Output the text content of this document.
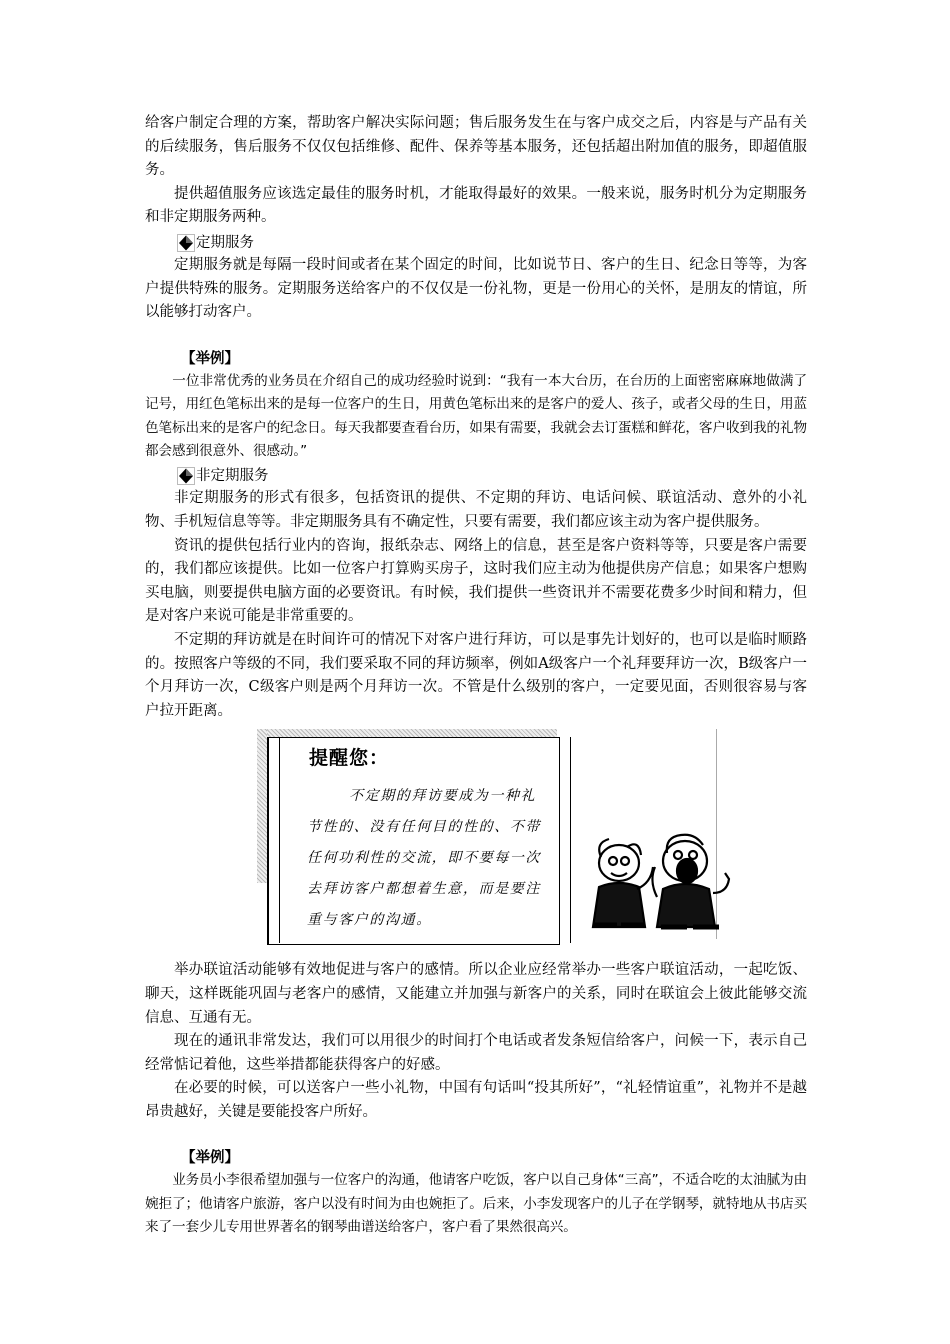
给客户制定合理的方案，帮助客户解决实际问题；售后服务发生在与客户成交之后，内容是与产品有关的后续服务，售后服务不仅仅包括维修、配件、保养等基本服务，还包括超出附加值的服务，即超值服务。

提供超值服务应该选定最佳的服务时机，才能取得最好的效果。一般来说，服务时机分为定期服务和非定期服务两种。

定期服务

定期服务就是每隔一段时间或者在某个固定的时间，比如说节日、客户的生日、纪念日等等，为客户提供特殊的服务。定期服务送给客户的不仅仅是一份礼物，更是一份用心的关怀，是朋友的情谊，所以能够打动客户。

【举例】

一位非常优秀的业务员在介绍自己的成功经验时说到：“我有一本大台历，在台历的上面密密麻麻地做满了记号，用红色笔标出来的是每一位客户的生日，用黄色笔标出来的是客户的爱人、孩子，或者父母的生日，用蓝色笔标出来的是客户的纪念日。每天我都要查看台历，如果有需要，我就会去订蛋糕和鲜花，客户收到我的礼物都会感到很意外、很感动。”

非定期服务

非定期服务的形式有很多，包括资讯的提供、不定期的拜访、电话问候、联谊活动、意外的小礼物、手机短信息等等。非定期服务具有不确定性，只要有需要，我们都应该主动为客户提供服务。

资讯的提供包括行业内的咨询，报纸杂志、网络上的信息，甚至是客户资料等等，只要是客户需要的，我们都应该提供。比如一位客户打算购买房子，这时我们应主动为他提供房产信息；如果客户想购买电脑，则要提供电脑方面的必要资讯。有时候，我们提供一些资讯并不需要花费多少时间和精力，但是对客户来说可能是非常重要的。

不定期的拜访就是在时间许可的情况下对客户进行拜访，可以是事先计划好的，也可以是临时顺路的。按照客户等级的不同，我们要采取不同的拜访频率，例如A级客户一个礼拜要拜访一次，B级客户一个月拜访一次，C级客户则是两个月拜访一次。不管是什么级别的客户，一定要见面，否则很容易与客户拉开距离。

提醒您：
不定期的拜访要成为一种礼节性的、没有任何目的性的、不带任何功利性的交流，即不要每一次去拜访客户都想着生意，而是要注重与客户的沟通。

举办联谊活动能够有效地促进与客户的感情。所以企业应经常举办一些客户联谊活动，一起吃饭、聊天，这样既能巩固与老客户的感情，又能建立并加强与新客户的关系，同时在联谊会上彼此能够交流信息、互通有无。

现在的通讯非常发达，我们可以用很少的时间打个电话或者发条短信给客户，问候一下，表示自己经常惦记着他，这些举措都能获得客户的好感。

在必要的时候，可以送客户一些小礼物，中国有句话叫“投其所好”，“礼轻情谊重”，礼物并不是越昂贵越好，关键是要能投客户所好。

【举例】

业务员小李很希望加强与一位客户的沟通，他请客户吃饭，客户以自己身体“三高”，不适合吃的太油腻为由婉拒了；他请客户旅游，客户以没有时间为由也婉拒了。后来，小李发现客户的儿子在学钢琴，就特地从书店买来了一套少儿专用世界著名的钢琴曲谱送给客户，客户看了果然很高兴。
